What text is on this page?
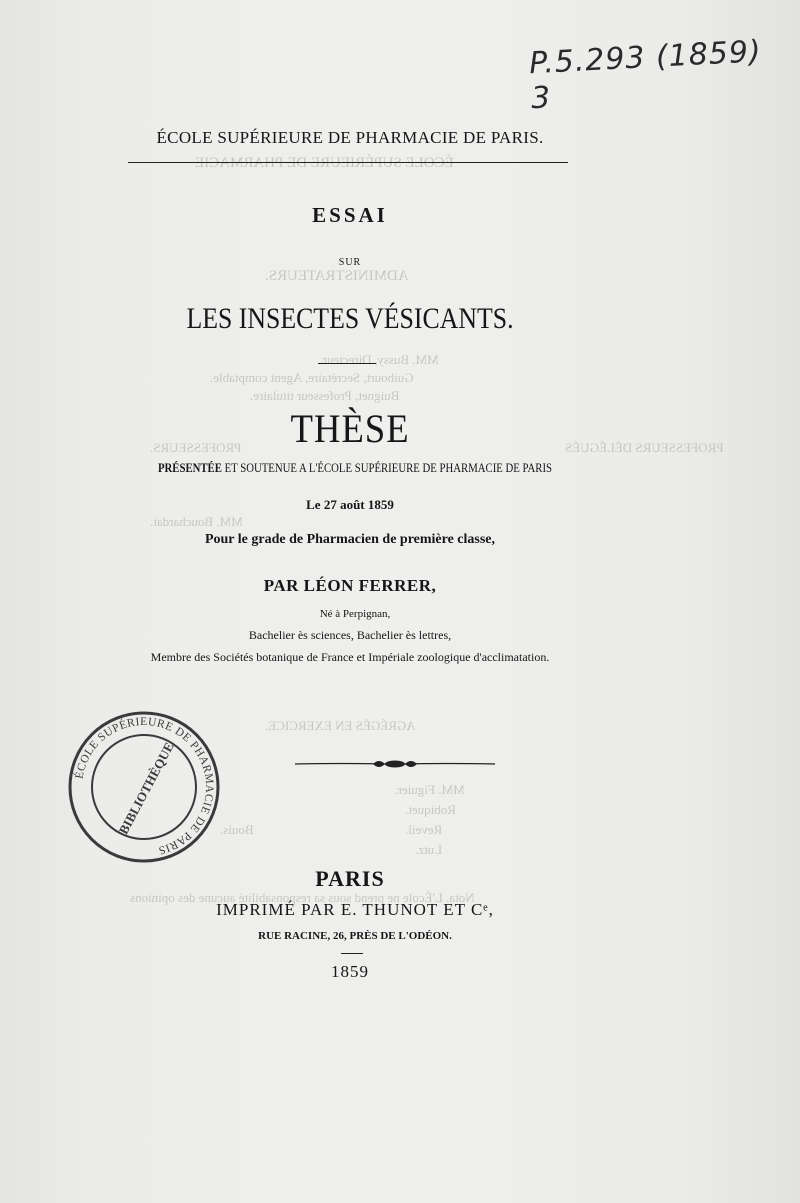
ÉCOLE SUPÉRIEURE DE PHARMACIE
ADMINISTRATEURS.
MM. Bussy, Directeur.
Guibourt, Secrétaire, Agent comptable.
Buignet, Professeur titulaire.
PROFESSEURS DÉLÉGUÉS
PROFESSEURS.
MM. Bouchardat.
AGRÉGÉS EN EXERCICE.
MM. Figuier.
Robiquet.
Reveil.
Lutz.
Bouis.
Nota. L'École ne prend sous sa responsabilité aucune des opinions
P.5.293 (1859) 3
ÉCOLE SUPÉRIEURE DE PHARMACIE DE PARIS.
ESSAI
SUR
LES INSECTES VÉSICANTS.
THÈSE
PRÉSENTÉE ET SOUTENUE A L'ÉCOLE SUPÉRIEURE DE PHARMACIE DE PARIS
Le 27 août 1859
Pour le grade de Pharmacien de première classe,
PAR LÉON FERRER,
Né à Perpignan,
Bachelier ès sciences, Bachelier ès lettres,
Membre des Sociétés botanique de France et Impériale zoologique d'acclimatation.
ÉCOLE SUPÉRIEURE DE PHARMACIE DE PARIS
BIBLIOTHÈQUE
PARIS
IMPRIMÉ PAR E. THUNOT ET Cᵉ,
RUE RACINE, 26, PRÈS DE L'ODÉON.
1859
